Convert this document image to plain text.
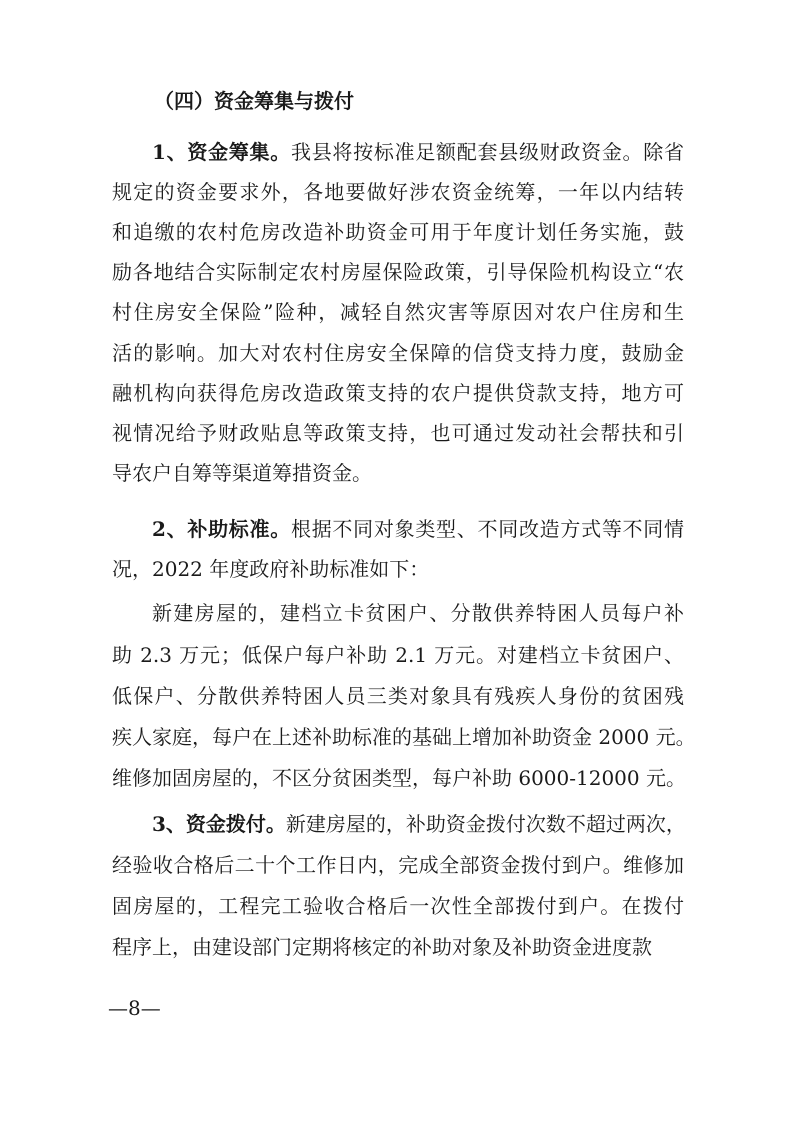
（四）资金筹集与拨付
1、资金筹集。我县将按标准足额配套县级财政资金。除省
规定的资金要求外，各地要做好涉农资金统筹，一年以内结转
和追缴的农村危房改造补助资金可用于年度计划任务实施，鼓
励各地结合实际制定农村房屋保险政策，引导保险机构设立“农
村住房安全保险”险种，减轻自然灾害等原因对农户住房和生
活的影响。加大对农村住房安全保障的信贷支持力度，鼓励金
融机构向获得危房改造政策支持的农户提供贷款支持，地方可
视情况给予财政贴息等政策支持，也可通过发动社会帮扶和引
导农户自筹等渠道筹措资金。
2、补助标准。根据不同对象类型、不同改造方式等不同情
况，2022 年度政府补助标准如下：
新建房屋的，建档立卡贫困户、分散供养特困人员每户补
助 2.3 万元；低保户每户补助 2.1 万元。对建档立卡贫困户、
低保户、分散供养特困人员三类对象具有残疾人身份的贫困残
疾人家庭，每户在上述补助标准的基础上增加补助资金 2000 元。
维修加固房屋的，不区分贫困类型，每户补助 6000-12000 元。
3、资金拨付。新建房屋的，补助资金拨付次数不超过两次，
经验收合格后二十个工作日内，完成全部资金拨付到户。维修加
固房屋的，工程完工验收合格后一次性全部拨付到户。在拨付
程序上，由建设部门定期将核定的补助对象及补助资金进度款
—8—
